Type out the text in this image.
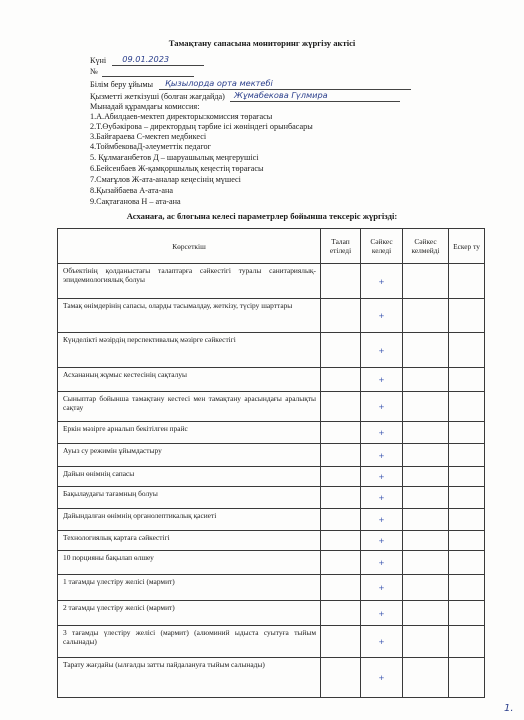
Тамақтану сапасына мониторинг жүргізу актісі
Күні 09.01.2023
№
Білім беру ұйымы Қызылорда орта мектебі
Қызметті жеткізуші (болған жағдайда) Жұмабекова Гүлмира
Мынадай құрамдағы комиссия:
1.А.Абилдаев-мектеп директоры:комиссия төрағасы
2.Т.Өубәкірова – директордың тәрбие ісі жөніндегі орынбасары
3.Байғараева С-мектеп медбикесі
4.ТоймбековаД-әлеуметтік педагог
5. Құлмағанбетов Д – шаруашылық меңгерушісі
6.Бейсенбаев Ж-қамқоршылық кеңестің төрағасы
7.Смағұлов Ж-ата-аналар кеңесінің мүшесі
8.Қызайбаева А-ата-ана
9.Сақтағанова Н – ата-ана
Асханаға, ас блогына келесі параметрлер бойынша тексеріс жүргізді:
Көрсеткіш	Талап етіледі	Сәйкес келеді	Сәйкес келмейді	Ескер ту
Объектінің қолданыстағы талаптарға сәйкестігі туралы санитариялық-эпидемиологиялық болуы		+		
Тамақ өнімдерінің сапасы, оларды тасымалдау, жеткізу, түсіру шарттары		+		
Күнделікті мәзірдің перспективалық мәзірге сәйкестігі		+		
Асхананың жұмыс кестесінің сақталуы		+		
Сыныптар бойынша тамақтану кестесі мен тамақтану арасындағы аралықты сақтау		+		
Еркін мәзірге арналып бекітілген прайс		+		
Ауыз су режимін ұйымдастыру		+		
Дайын өнімнің сапасы		+		
Бақылаудағы тағамның болуы		+		
Дайындалған өнімнің органолептикалық қасиеті		+		
Технологиялық картаға сәйкестігі		+		
10 порцияны бақылап өлшеу		+		
1 тағамды үлестіру желісі (мармит)		+		
2 тағамды үлестіру желісі (мармит)		+		
3 тағамды үлестіру желісі (мармит) (алюминий ыдыста суытуға тыйым салынады)		+		
Тарату жағдайы (ылғалды затты пайдалануға тыйым салынады)		+		
1.
